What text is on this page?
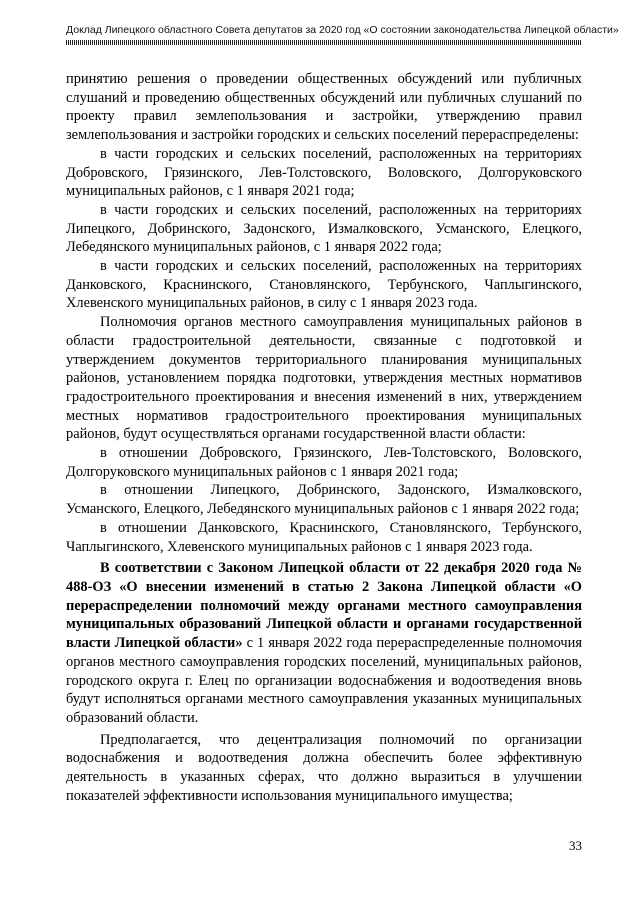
Доклад Липецкого областного Совета депутатов за 2020 год «О состоянии законодательства Липецкой области»

принятию решения о проведении общественных обсуждений или публичных слушаний и проведению общественных обсуждений или публичных слушаний по проекту правил землепользования и застройки, утверждению правил землепользования и застройки городских и сельских поселений перераспределены:

в части городских и сельских поселений, расположенных на территориях Добровского, Грязинского, Лев-Толстовского, Воловского, Долгоруковского муниципальных районов, с 1 января 2021 года;

в части городских и сельских поселений, расположенных на территориях Липецкого, Добринского, Задонского, Измалковского, Усманского, Елецкого, Лебедянского муниципальных районов, с 1 января 2022 года;

в части городских и сельских поселений, расположенных на территориях Данковского, Краснинского, Становлянского, Тербунского, Чаплыгинского, Хлевенского муниципальных районов, в силу с 1 января 2023 года.

Полномочия органов местного самоуправления муниципальных районов в области градостроительной деятельности, связанные с подготовкой и утверждением документов территориального планирования муниципальных районов, установлением порядка подготовки, утверждения местных нормативов градостроительного проектирования и внесения изменений в них, утверждением местных нормативов градостроительного проектирования муниципальных районов, будут осуществляться органами государственной власти области:

в отношении Добровского, Грязинского, Лев-Толстовского, Воловского, Долгоруковского муниципальных районов с 1 января 2021 года;

в отношении Липецкого, Добринского, Задонского, Измалковского, Усманского, Елецкого, Лебедянского муниципальных районов с 1 января 2022 года;

в отношении Данковского, Краснинского, Становлянского, Тербунского, Чаплыгинского, Хлевенского муниципальных районов с 1 января 2023 года.

В соответствии с Законом Липецкой области от 22 декабря 2020 года № 488-ОЗ «О внесении изменений в статью 2 Закона Липецкой области «О перераспределении полномочий между органами местного самоуправления муниципальных образований Липецкой области и органами государственной власти Липецкой области» с 1 января 2022 года перераспределенные полномочия органов местного самоуправления городских поселений, муниципальных районов, городского округа г. Елец по организации водоснабжения и водоотведения вновь будут исполняться органами местного самоуправления указанных муниципальных образований области.

Предполагается, что децентрализация полномочий по организации водоснабжения и водоотведения должна обеспечить более эффективную деятельность в указанных сферах, что должно выразиться в улучшении показателей эффективности использования муниципального имущества;

33
